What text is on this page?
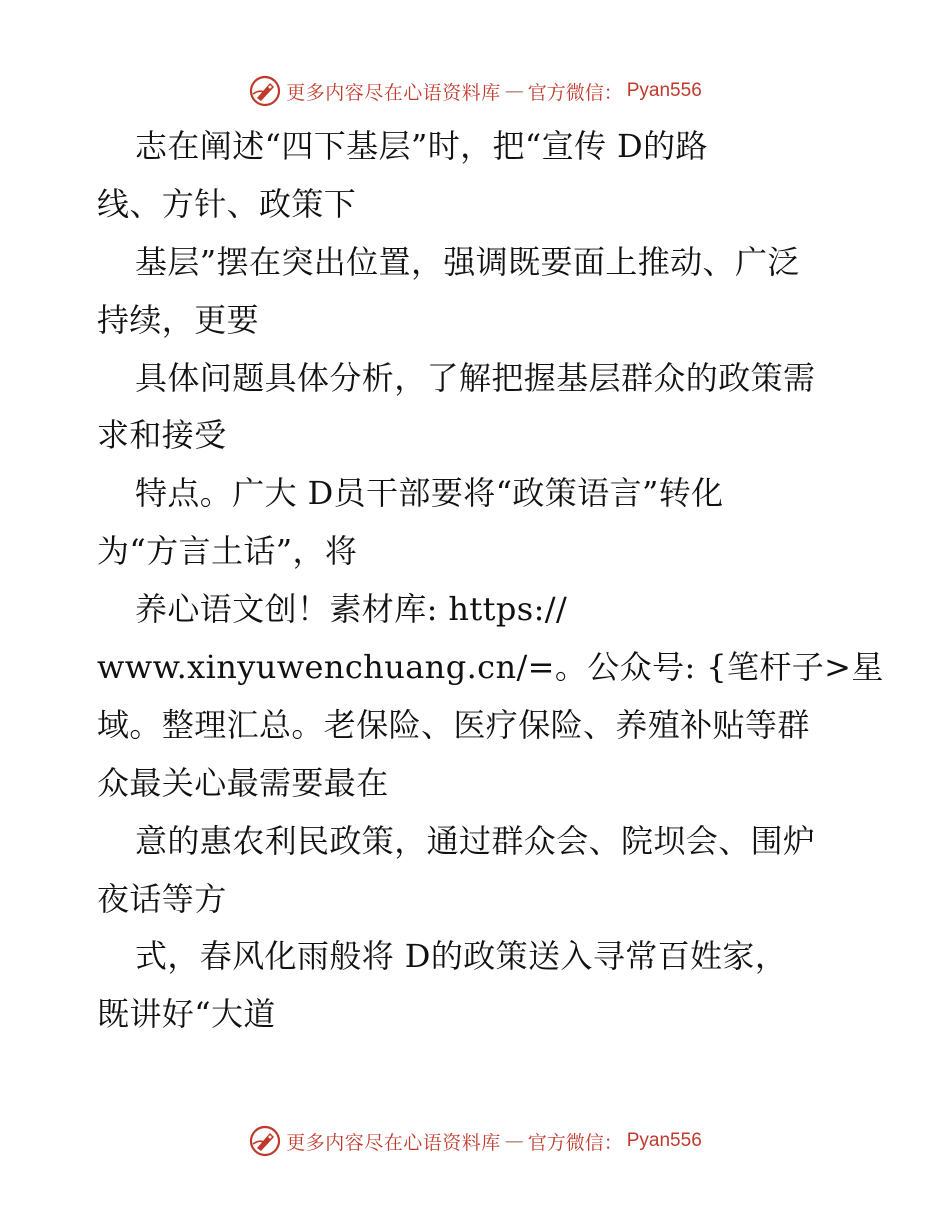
更多内容尽在心语资料库 — 官方微信： Pyan556
志在阐述“四下基层”时，把“宣传 D的路
线、方针、政策下
基层”摆在突出位置，强调既要面上推动、广泛
持续，更要
具体问题具体分析，了解把握基层群众的政策需
求和接受
特点。广大 D员干部要将“政策语言”转化
为“方言土话”，将
养心语文创！素材库: https://
www.xinyuwenchuang.cn/=。公众号: {笔杆子>星
域。整理汇总。老保险、医疗保险、养殖补贴等群
众最关心最需要最在
意的惠农利民政策，通过群众会、院坝会、围炉
夜话等方
式，春风化雨般将 D的政策送入寻常百姓家，
既讲好“大道
更多内容尽在心语资料库 — 官方微信： Pyan556
